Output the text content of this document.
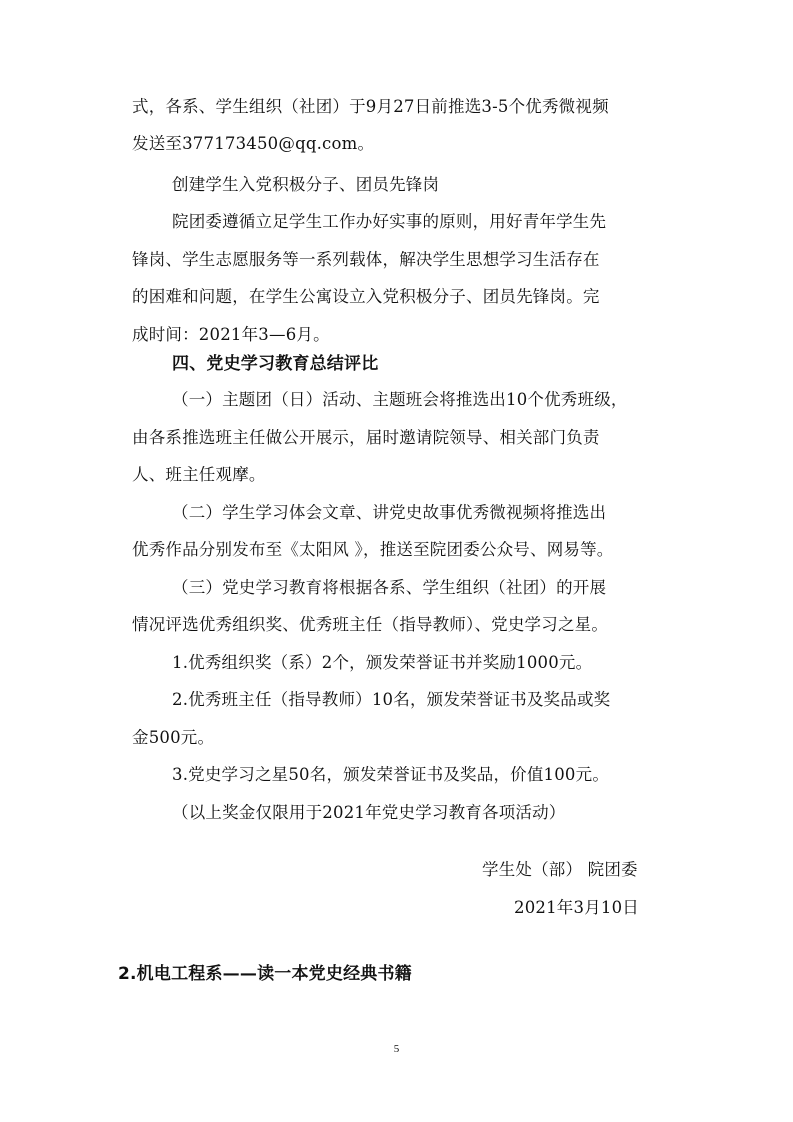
式，各系、学生组织（社团）于9月27日前推选3-5个优秀微视频
发送至377173450@qq.com。
创建学生入党积极分子、团员先锋岗
院团委遵循立足学生工作办好实事的原则，用好青年学生先
锋岗、学生志愿服务等一系列载体，解决学生思想学习生活存在
的困难和问题，在学生公寓设立入党积极分子、团员先锋岗。完
成时间：2021年3—6月。
四、党史学习教育总结评比
（一）主题团（日）活动、主题班会将推选出10个优秀班级，
由各系推选班主任做公开展示，届时邀请院领导、相关部门负责
人、班主任观摩。
（二）学生学习体会文章、讲党史故事优秀微视频将推选出
优秀作品分别发布至《太阳风 》，推送至院团委公众号、网易等。
（三）党史学习教育将根据各系、学生组织（社团）的开展
情况评选优秀组织奖、优秀班主任（指导教师）、党史学习之星。
1.优秀组织奖（系）2个，颁发荣誉证书并奖励1000元。
2.优秀班主任（指导教师）10名，颁发荣誉证书及奖品或奖
金500元。
3.党史学习之星50名，颁发荣誉证书及奖品，价值100元。
（以上奖金仅限用于2021年党史学习教育各项活动）
学生处（部） 院团委
2021年3月10日
2.机电工程系——读一本党史经典书籍
5
